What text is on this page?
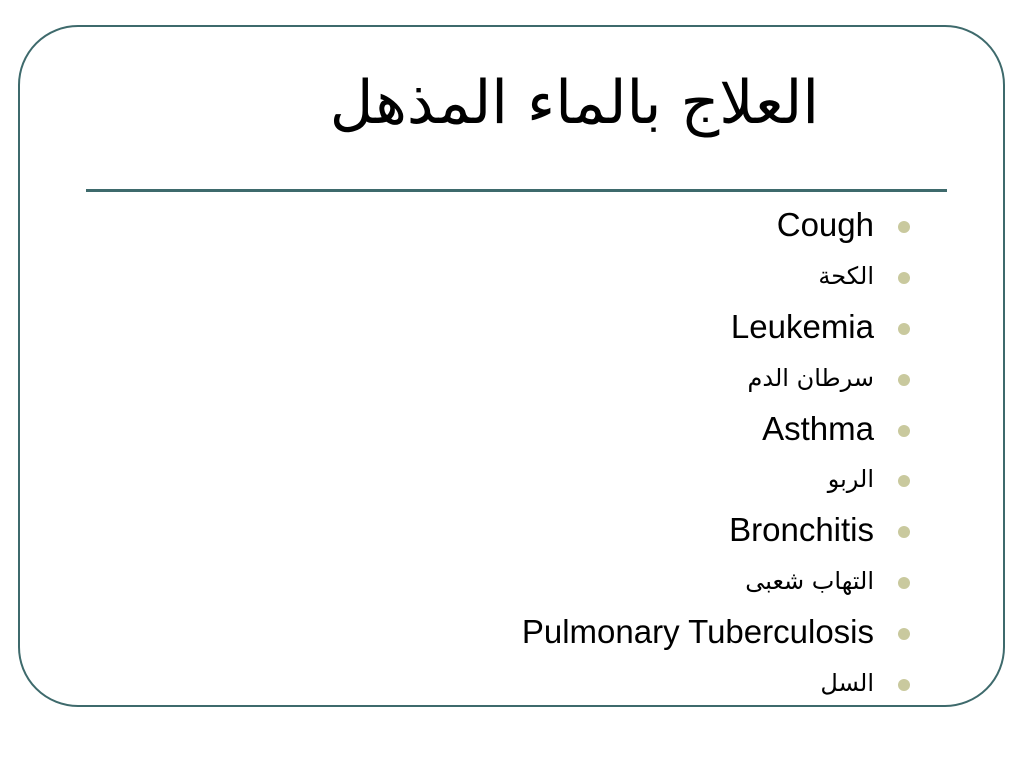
العلاج بالماء المذهل
Cough
الكحة
Leukemia
سرطان الدم
Asthma
الربو
Bronchitis
التهاب شعبى
Pulmonary Tuberculosis
السل
